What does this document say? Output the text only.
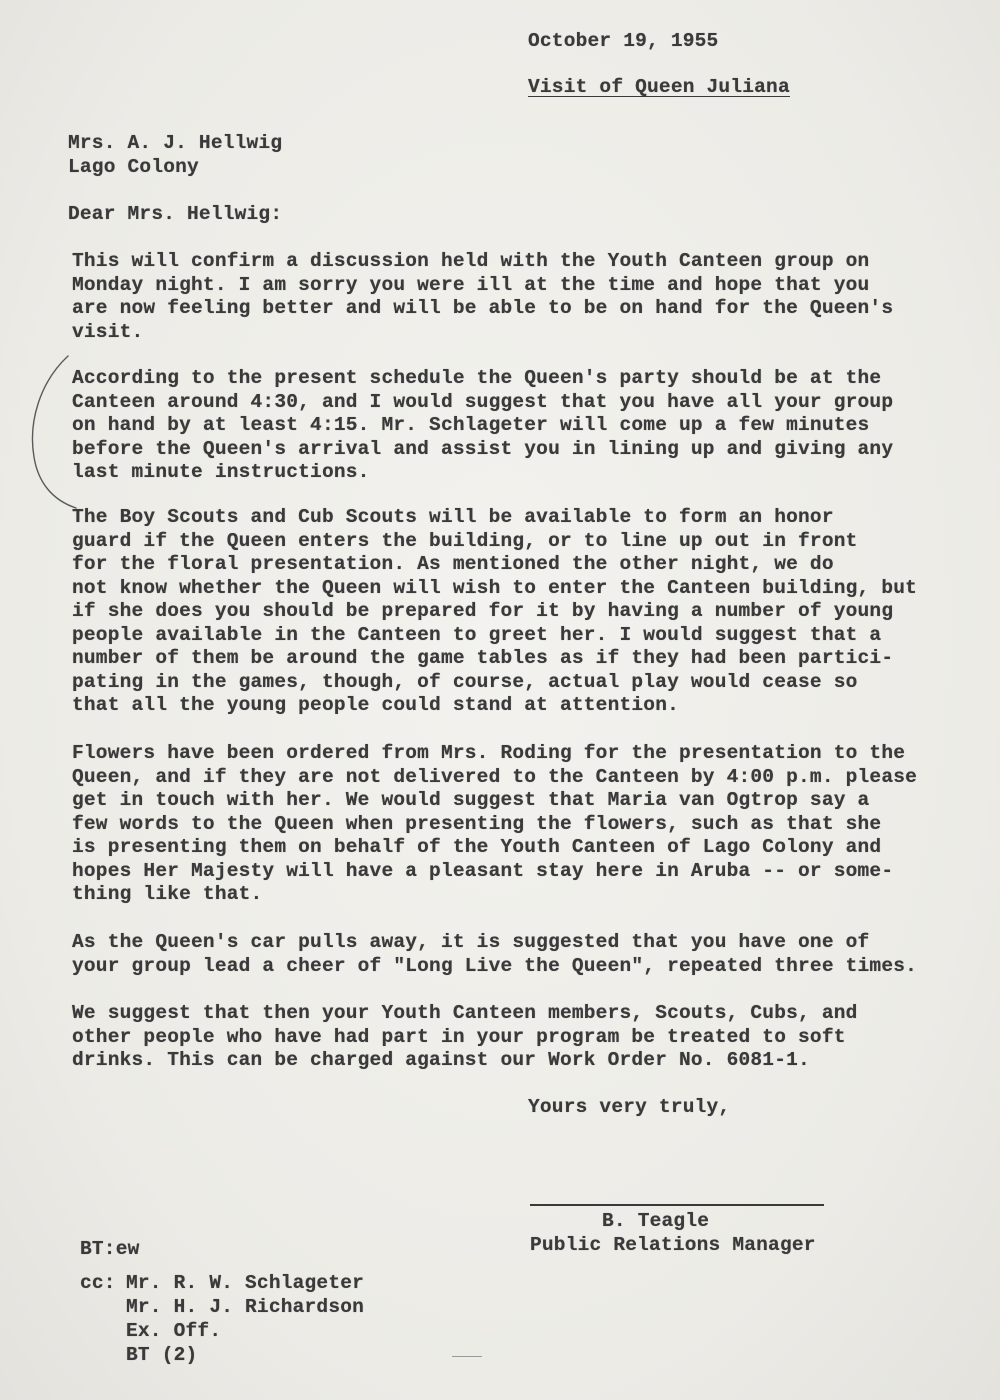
October 19, 1955
Visit of Queen Juliana
Mrs. A. J. Hellwig
Lago Colony
Dear Mrs. Hellwig:
This will confirm a discussion held with the Youth Canteen group on
Monday night. I am sorry you were ill at the time and hope that you
are now feeling better and will be able to be on hand for the Queen's
visit.
According to the present schedule the Queen's party should be at the
Canteen around 4:30, and I would suggest that you have all your group
on hand by at least 4:15. Mr. Schlageter will come up a few minutes
before the Queen's arrival and assist you in lining up and giving any
last minute instructions.
The Boy Scouts and Cub Scouts will be available to form an honor
guard if the Queen enters the building, or to line up out in front
for the floral presentation. As mentioned the other night, we do
not know whether the Queen will wish to enter the Canteen building, but
if she does you should be prepared for it by having a number of young
people available in the Canteen to greet her. I would suggest that a
number of them be around the game tables as if they had been partici-
pating in the games, though, of course, actual play would cease so
that all the young people could stand at attention.
Flowers have been ordered from Mrs. Roding for the presentation to the
Queen, and if they are not delivered to the Canteen by 4:00 p.m. please
get in touch with her. We would suggest that Maria van Ogtrop say a
few words to the Queen when presenting the flowers, such as that she
is presenting them on behalf of the Youth Canteen of Lago Colony and
hopes Her Majesty will have a pleasant stay here in Aruba -- or some-
thing like that.
As the Queen's car pulls away, it is suggested that you have one of
your group lead a cheer of "Long Live the Queen", repeated three times.
We suggest that then your Youth Canteen members, Scouts, Cubs, and
other people who have had part in your program be treated to soft
drinks. This can be charged against our Work Order No. 6081-1.
Yours very truly,
B. Teagle
Public Relations Manager
BT:ew
cc: Mr. R. W. Schlageter
Mr. H. J. Richardson
Ex. Off.
BT (2)
